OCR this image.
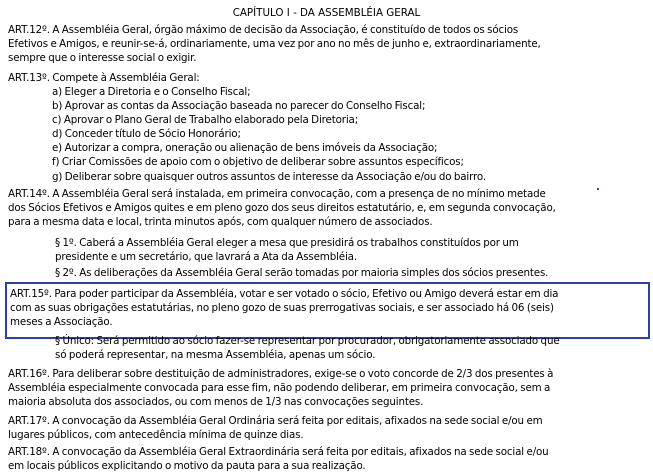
CAPÍTULO I - DA ASSEMBLÉIA GERAL
ART.12º. A Assembléia Geral, órgão máximo de decisão da Associação, é constituído de todos os sócios
Efetivos e Amigos, e reunir-se-á, ordinariamente, uma vez por ano no mês de junho e, extraordinariamente,
sempre que o interesse social o exigir.
ART.13º. Compete à Assembléia Geral:
a) Eleger a Diretoria e o Conselho Fiscal;
b) Aprovar as contas da Associação baseada no parecer do Conselho Fiscal;
c) Aprovar o Plano Geral de Trabalho elaborado pela Diretoria;
d) Conceder título de Sócio Honorário;
e) Autorizar a compra, oneração ou alienação de bens imóveis da Associação;
f) Criar Comissões de apoio com o objetivo de deliberar sobre assuntos específicos;
g) Deliberar sobre quaisquer outros assuntos de interesse da Associação e/ou do bairro.
ART.14º. A Assembléia Geral será instalada, em primeira convocação, com a presença de no mínimo metade
dos Sócios Efetivos e Amigos quites e em pleno gozo dos seus direitos estatutário, e, em segunda convocação,
para a mesma data e local, trinta minutos após, com qualquer número de associados.
§ 1º. Caberá a Assembléia Geral eleger a mesa que presidirá os trabalhos constituídos por um
presidente e um secretário, que lavrará a Ata da Assembléia.
§ 2º. As deliberações da Assembléia Geral serão tomadas por maioria simples dos sócios presentes.
ART.15º. Para poder participar da Assembléia, votar e ser votado o sócio, Efetivo ou Amigo deverá estar em dia
com as suas obrigações estatutárias, no pleno gozo de suas prerrogativas sociais, e ser associado há 06 (seis)
meses a Associação.
§ Único: Será permitido ao sócio fazer-se representar por procurador, obrigatoriamente associado que
só poderá representar, na mesma Assembléia, apenas um sócio.
ART.16º. Para deliberar sobre destituição de administradores, exige-se o voto concorde de 2/3 dos presentes à
Assembléia especialmente convocada para esse fim, não podendo deliberar, em primeira convocação, sem a
maioria absoluta dos associados, ou com menos de 1/3 nas convocações seguintes.
ART.17º. A convocação da Assembléia Geral Ordinária será feita por editais, afixados na sede social e/ou em
lugares públicos, com antecedência mínima de quinze dias.
ART.18º. A convocação da Assembléia Geral Extraordinária será feita por editais, afixados na sede social e/ou
em locais públicos explicitando o motivo da pauta para a sua realização.
